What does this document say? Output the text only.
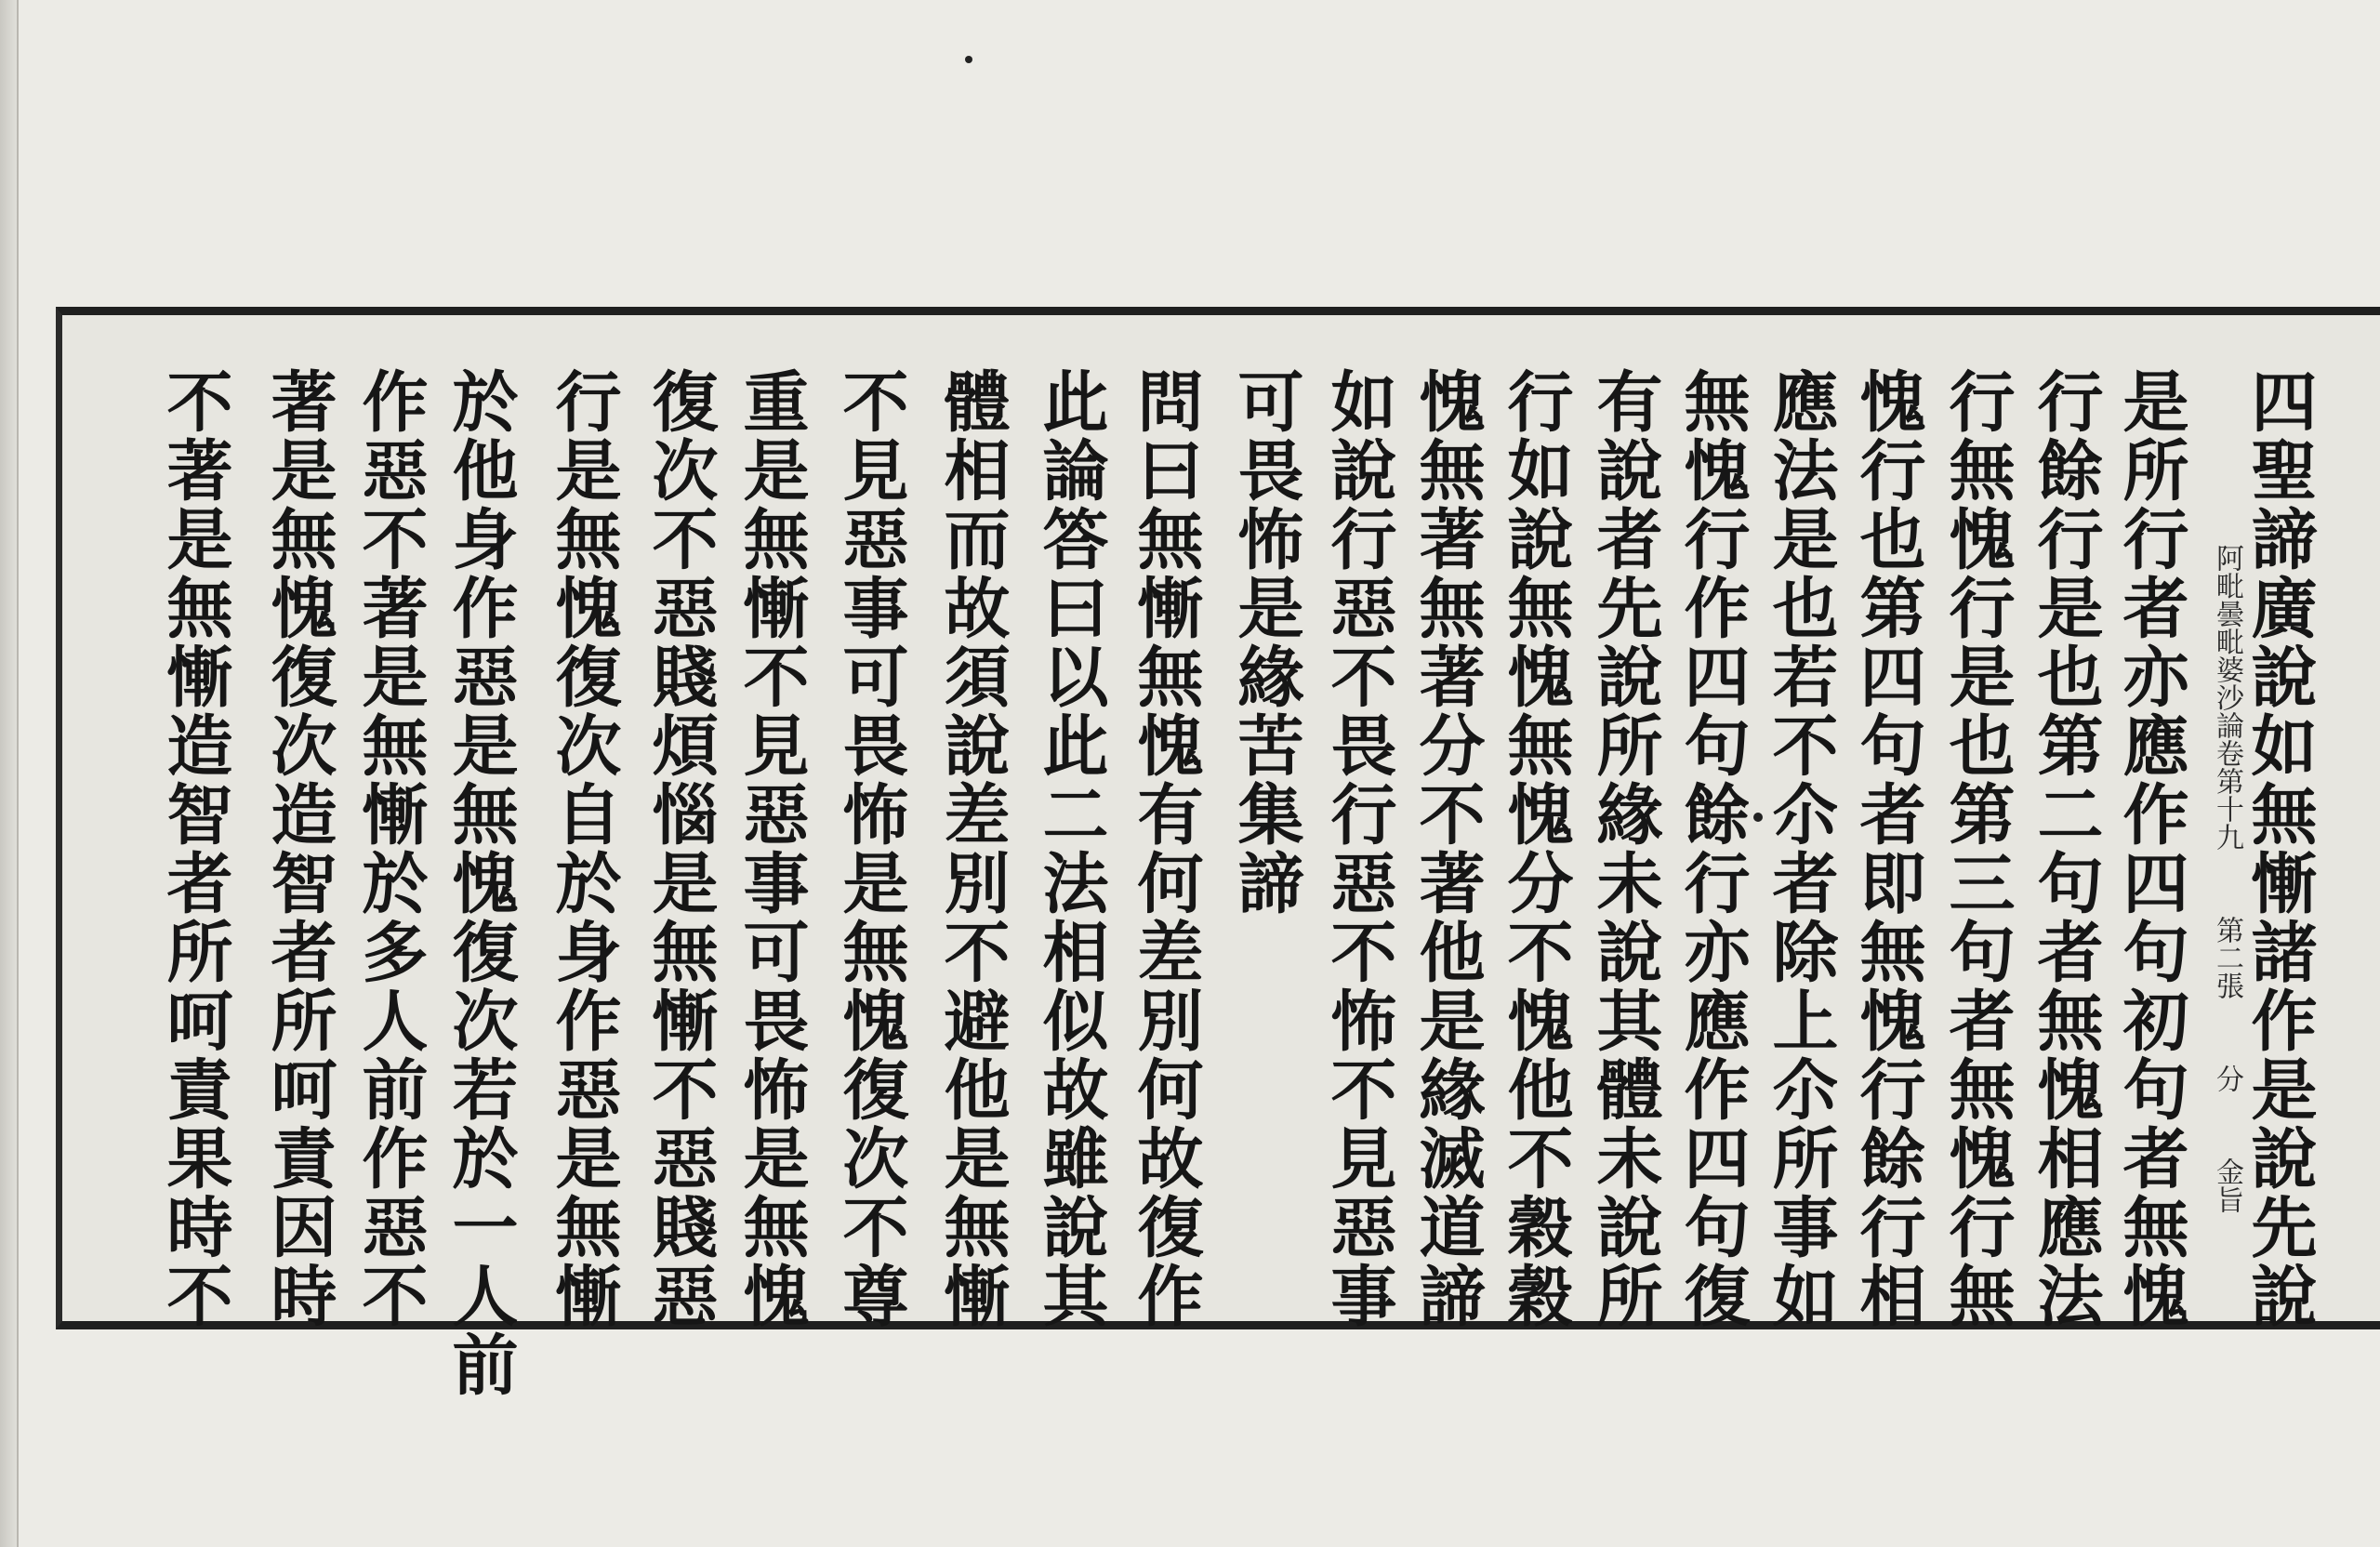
四聖諦廣說如無慚諸作是說先說
是所行者亦應作四句初句者無愧
行餘行是也第二句者無愧相應法
行無愧行是也第三句者無愧行無
愧行也第四句者即無愧行餘行相
應法是也若不尒者除上尒所事如
無愧行作四句餘行亦應作四句復
有說者先說所緣未說其體未說所
行如說無愧無愧分不愧他不穀穀
愧無著無著分不著他是緣滅道諦
如說行惡不畏行惡不怖不見惡事
可畏怖是緣苦集諦
問曰無慚無愧有何差別何故復作
此論答曰以此二法相似故雖說其
體相而故須說差別不避他是無慚
不見惡事可畏怖是無愧復次不尊
重是無慚不見惡事可畏怖是無愧
復次不惡賤煩惱是無慚不惡賤惡
行是無愧復次自於身作惡是無慚
於他身作惡是無愧復次若於一人前
作惡不著是無慚於多人前作惡不
著是無愧復次造智者所呵責因時
不著是無慚造智者所呵責果時不	阿毗曇毗婆沙論卷第十九第二張分金旨
